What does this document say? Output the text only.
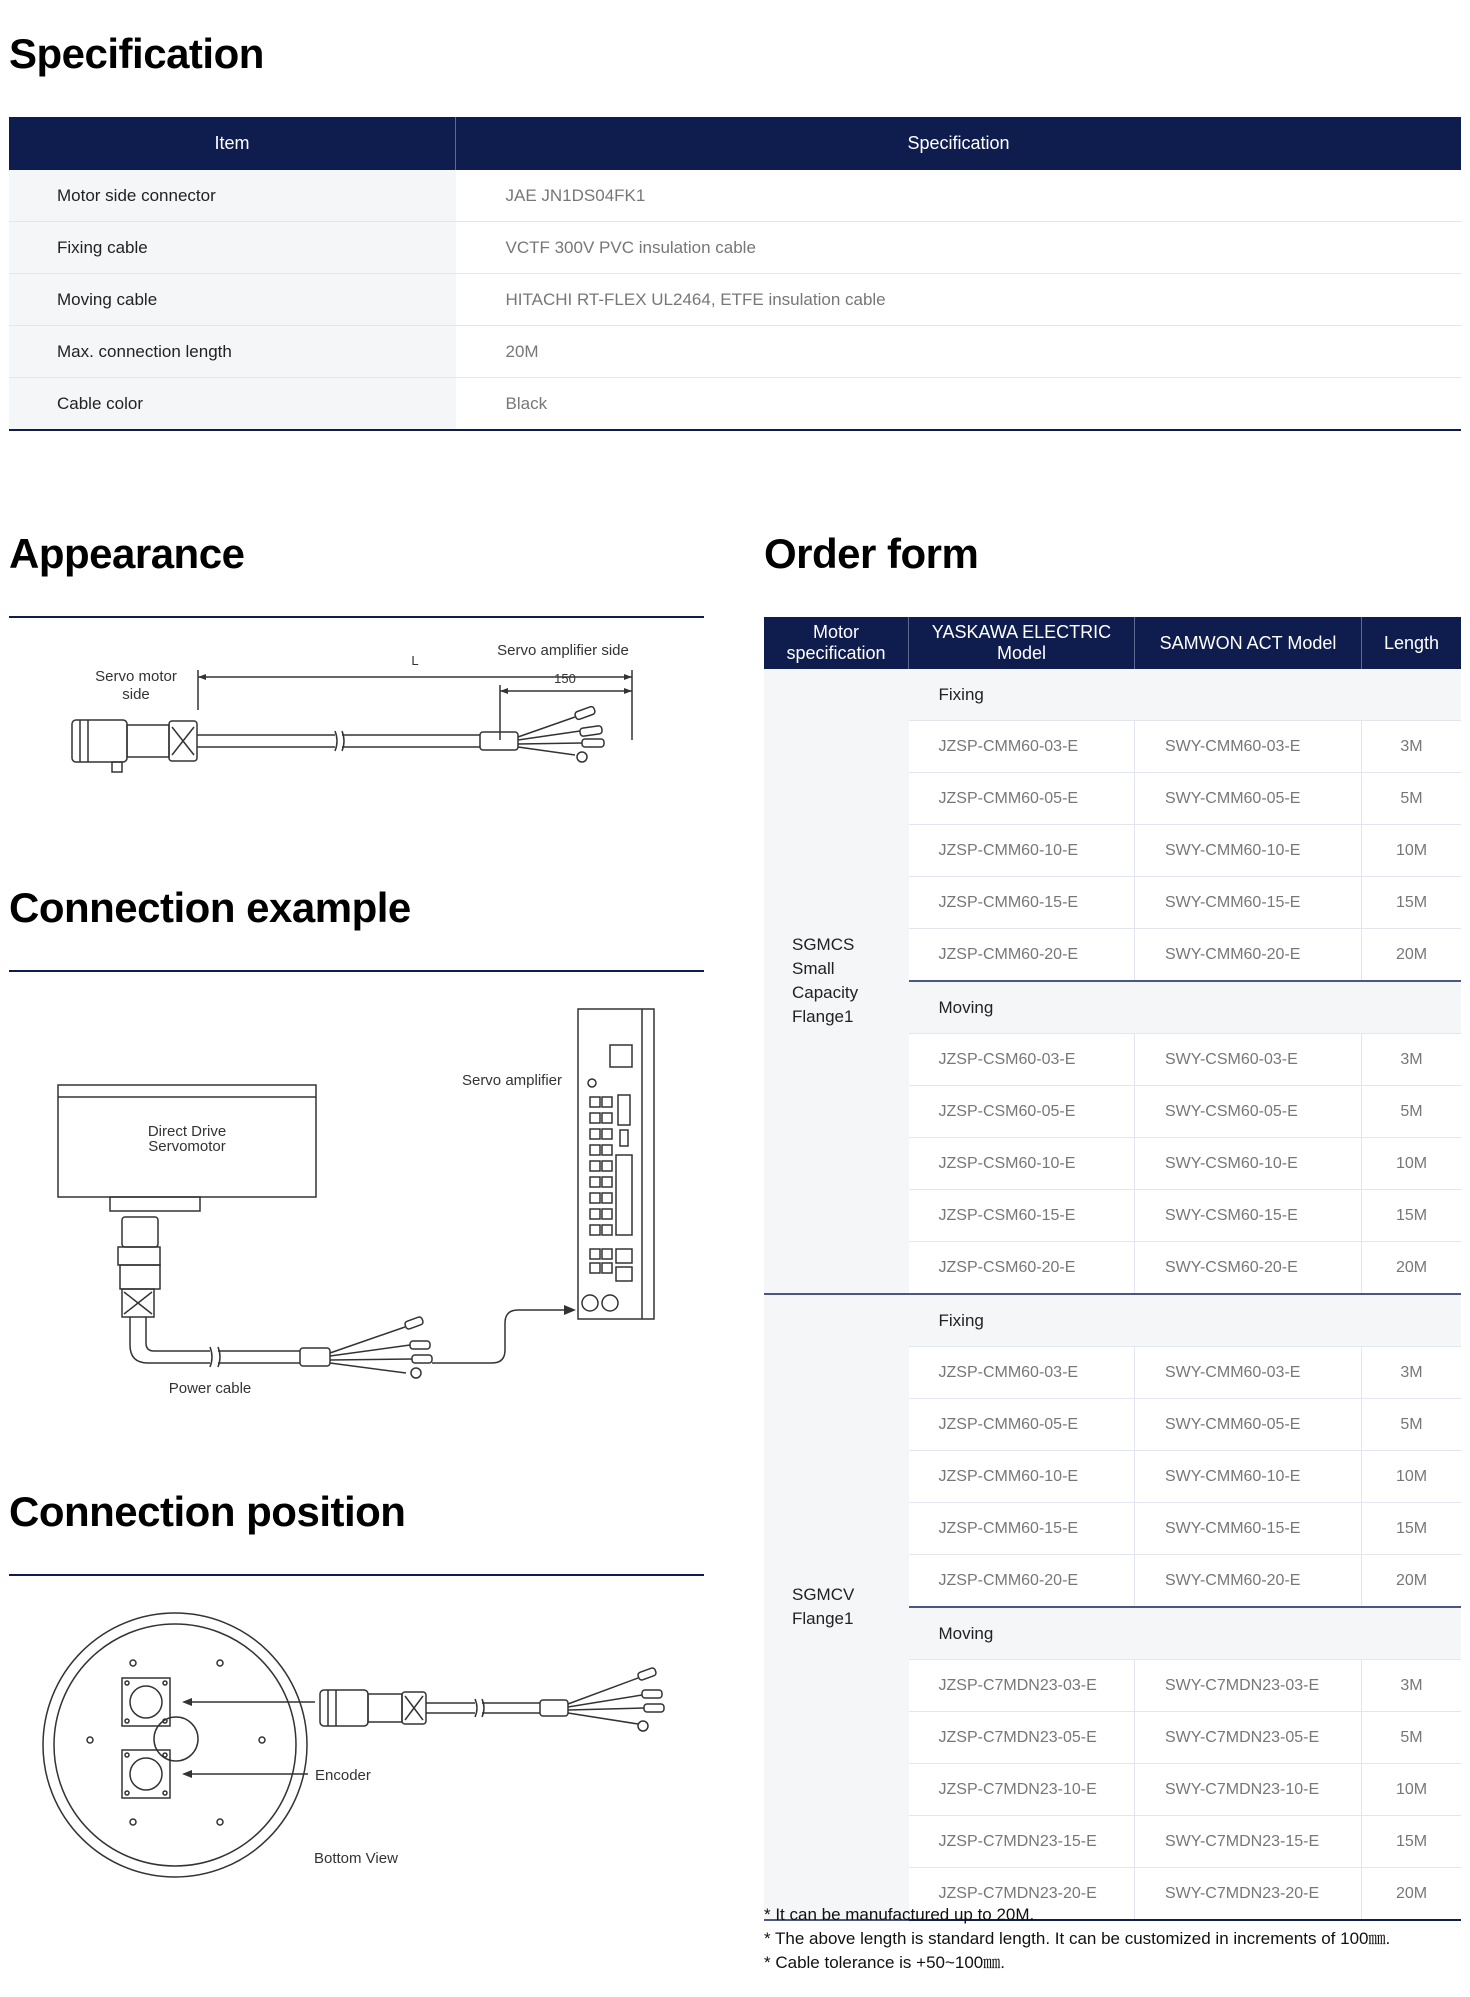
Specification
Item	Specification
Motor side connector	JAE JN1DS04FK1
Fixing cable	VCTF 300V PVC insulation cable
Moving cable	HITACHI RT-FLEX UL2464, ETFE insulation cable
Max. connection length	20M
Cable color	Black
Appearance
Servo motor
side
Servo amplifier side
L
150
Connection example
Direct Drive
Servomotor
Servo amplifier
Power cable
Connection position
Encoder
Bottom View
Order form
Motor
specification	YASKAWA ELECTRIC Model	SAMWON ACT Model	Length

SGMCS
Small
Capacity
Flange1	Fixing		
	JZSP-CMM60-03-E	SWY-CMM60-03-E	3M
	JZSP-CMM60-05-E	SWY-CMM60-05-E	5M
	JZSP-CMM60-10-E	SWY-CMM60-10-E	10M
	JZSP-CMM60-15-E	SWY-CMM60-15-E	15M
	JZSP-CMM60-20-E	SWY-CMM60-20-E	20M
	Moving		
	JZSP-CSM60-03-E	SWY-CSM60-03-E	3M
	JZSP-CSM60-05-E	SWY-CSM60-05-E	5M
	JZSP-CSM60-10-E	SWY-CSM60-10-E	10M
	JZSP-CSM60-15-E	SWY-CSM60-15-E	15M
	JZSP-CSM60-20-E	SWY-CSM60-20-E	20M

SGMCV
Flange1	Fixing		
	JZSP-CMM60-03-E	SWY-CMM60-03-E	3M
	JZSP-CMM60-05-E	SWY-CMM60-05-E	5M
	JZSP-CMM60-10-E	SWY-CMM60-10-E	10M
	JZSP-CMM60-15-E	SWY-CMM60-15-E	15M
	JZSP-CMM60-20-E	SWY-CMM60-20-E	20M
	Moving		
	JZSP-C7MDN23-03-E	SWY-C7MDN23-03-E	3M
	JZSP-C7MDN23-05-E	SWY-C7MDN23-05-E	5M
	JZSP-C7MDN23-10-E	SWY-C7MDN23-10-E	10M
	JZSP-C7MDN23-15-E	SWY-C7MDN23-15-E	15M
	JZSP-C7MDN23-20-E	SWY-C7MDN23-20-E	20M
* It can be manufactured up to 20M.
* The above length is standard length. It can be customized in increments of 100㎜.
* Cable tolerance is +50~100㎜.
